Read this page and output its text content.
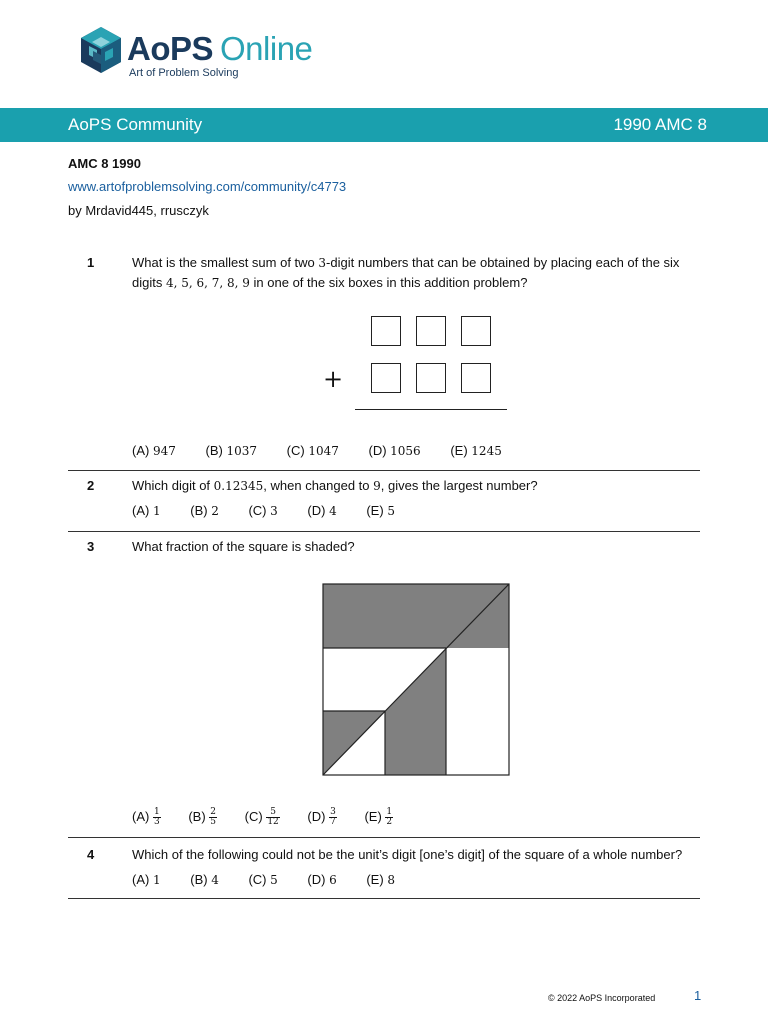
AoPS Online
Art of Problem Solving
AoPS Community	1990 AMC 8
AMC 8 1990
www.artofproblemsolving.com/community/c4773
by Mrdavid445, rrusczyk
1	What is the smallest sum of two 3-digit numbers that can be obtained by placing each of the six digits 4, 5, 6, 7, 8, 9 in one of the six boxes in this addition problem?
+
(A) 947 (B) 1037 (C) 1047 (D) 1056 (E) 1245
2	Which digit of 0.12345, when changed to 9, gives the largest number?
(A) 1 (B) 2 (C) 3 (D) 4 (E) 5
3	What fraction of the square is shaded?
$(A) \frac{1}{3} (B) \frac{2}{5} (C) \frac{5}{12} (D) \frac{3}{7} (E) \frac{1}{2}$
4	Which of the following could not be the unit’s digit [one’s digit] of the square of a whole number?
(A) 1 (B) 4 (C) 5 (D) 6 (E) 8
© 2022 AoPS Incorporated	1
